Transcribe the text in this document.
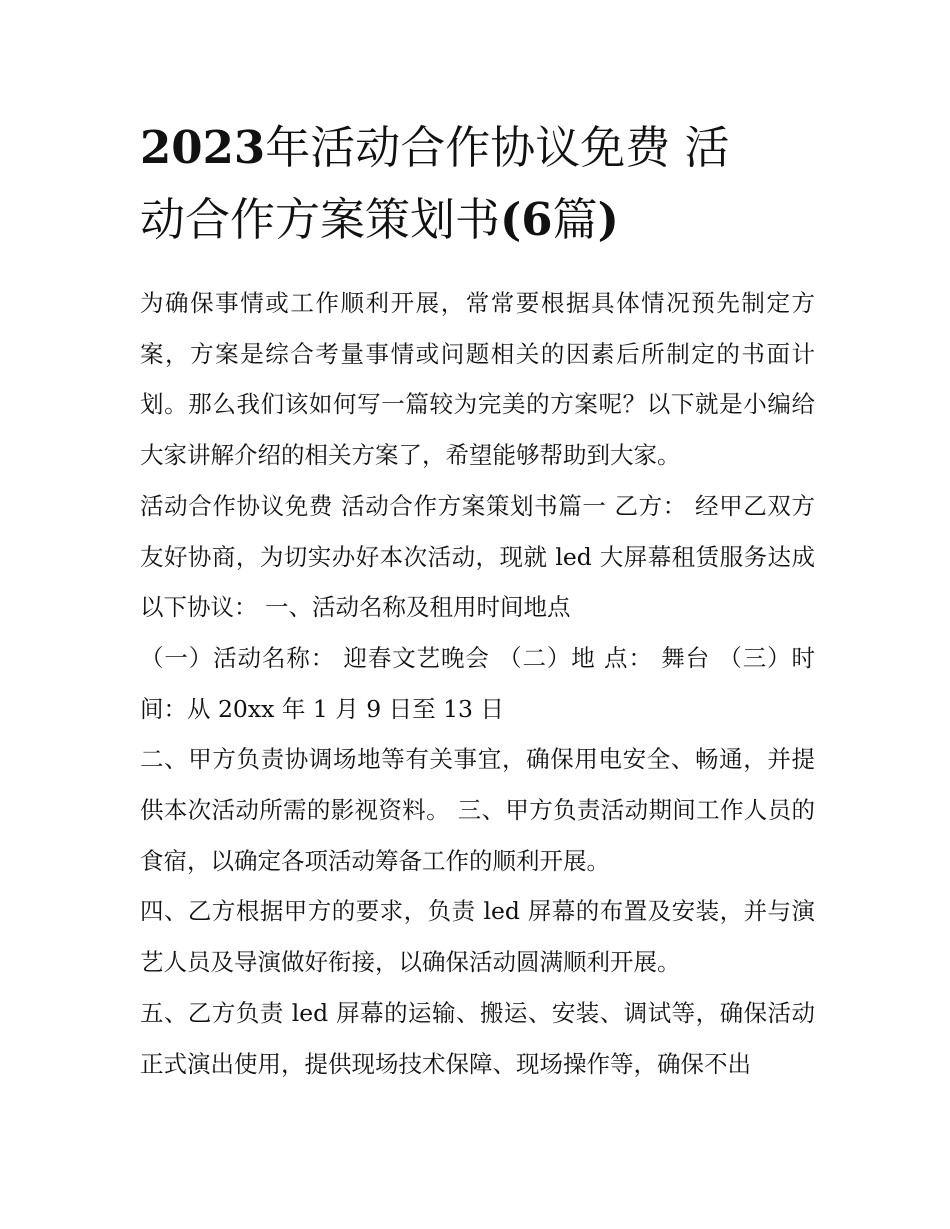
2023年活动合作协议免费 活
动合作方案策划书(6篇)

为确保事情或工作顺利开展，常常要根据具体情况预先制定方案，方案是综合考量事情或问题相关的因素后所制定的书面计划。那么我们该如何写一篇较为完美的方案呢？以下就是小编给大家讲解介绍的相关方案了，希望能够帮助到大家。

活动合作协议免费 活动合作方案策划书篇一 乙方： 经甲乙双方友好协商，为切实办好本次活动，现就 led 大屏幕租赁服务达成以下协议： 一、活动名称及租用时间地点

（一）活动名称： 迎春文艺晚会 （二）地 点： 舞台 （三）时 间：从 20xx 年 1 月 9 日至 13 日

二、甲方负责协调场地等有关事宜，确保用电安全、畅通，并提供本次活动所需的影视资料。 三、甲方负责活动期间工作人员的食宿，以确定各项活动筹备工作的顺利开展。

四、乙方根据甲方的要求，负责 led 屏幕的布置及安装，并与演艺人员及导演做好衔接，以确保活动圆满顺利开展。

五、乙方负责 led 屏幕的运输、搬运、安装、调试等，确保活动正式演出使用，提供现场技术保障、现场操作等，确保不出
